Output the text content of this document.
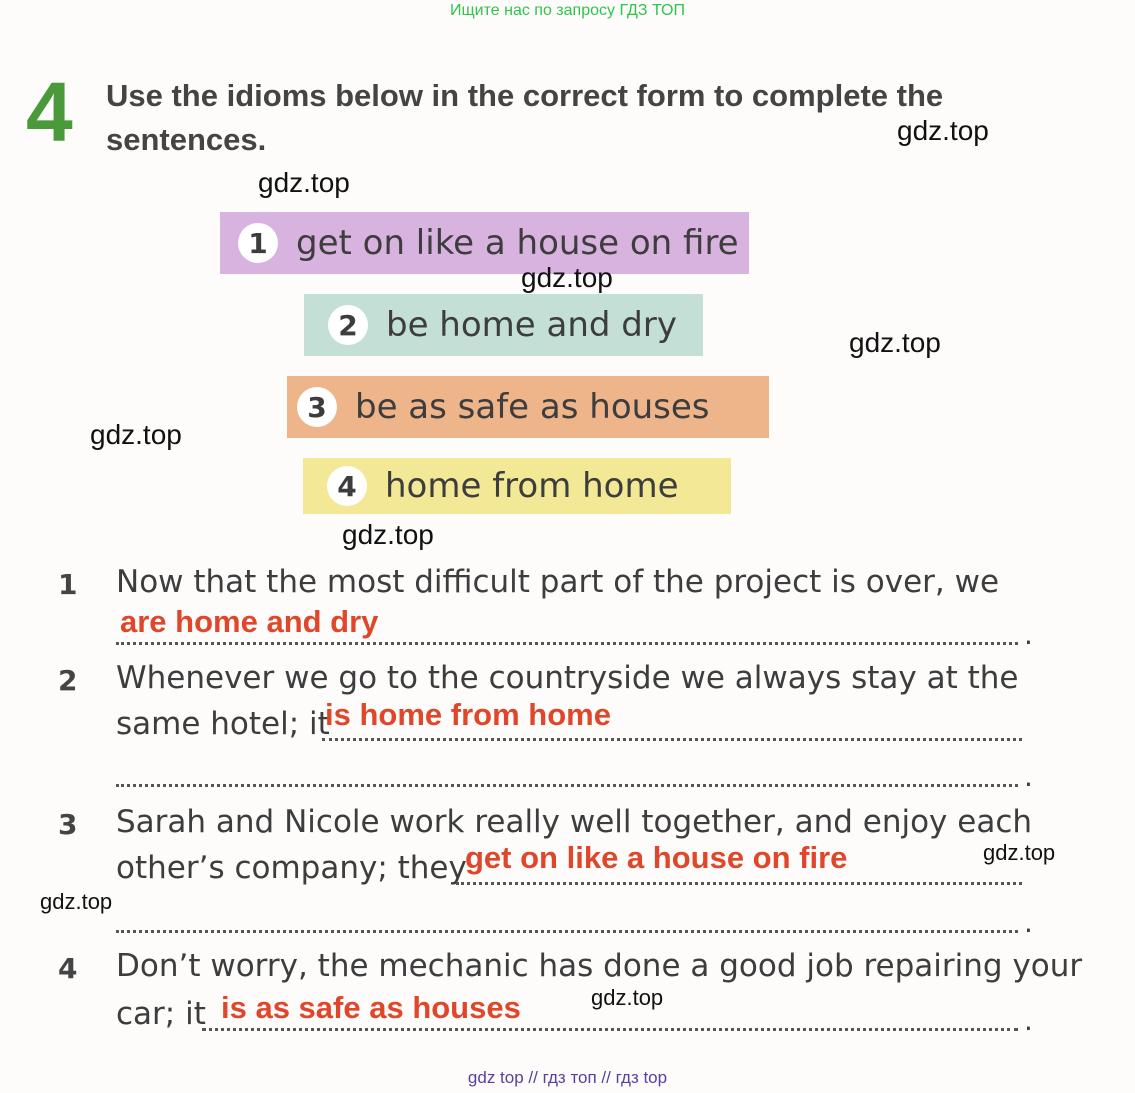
Ищите нас по запросу ГДЗ ТОП
4 Use the idioms below in the correct form to complete the
sentences.
1 get on like a house on fire
2 be home and dry
3 be as safe as houses
4 home from home
1 Now that the most difficult part of the project is over, we
are home and dry	.
2 Whenever we go to the countryside we always stay at the
same hotel; it
is home from home
.
3 Sarah and Nicole work really well together, and enjoy each
other’s company; they
get on like a house on fire
.
4 Don’t worry, the mechanic has done a good job repairing your
car; it is as safe as houses	.
gdz.top
gdz.top
gdz.top
gdz.top
gdz.top
gdz.top
gdz.top
gdz.top
gdz.top
gdz top // гдз топ // гдз top
